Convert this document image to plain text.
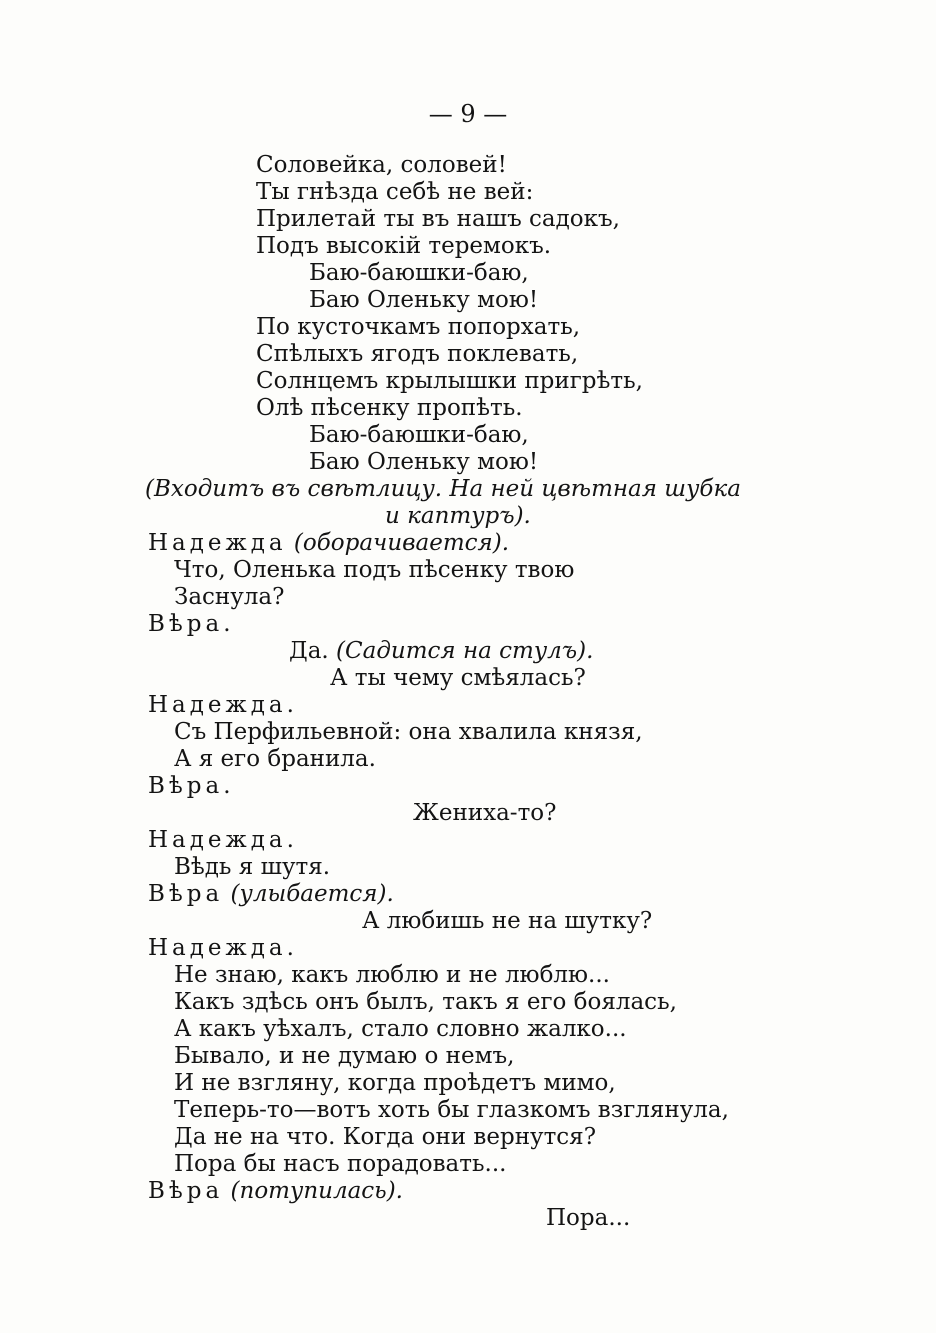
— 9 —
Соловейка, соловей!
Ты гнѣзда себѣ не вей:
Прилетай ты въ нашъ садокъ,
Подъ высокій теремокъ.
Баю-баюшки-баю,
Баю Оленьку мою!
По кусточкамъ попорхать,
Спѣлыхъ ягодъ поклевать,
Солнцемъ крылышки пригрѣть,
Олѣ пѣсенку пропѣть.
Баю-баюшки-баю,
Баю Оленьку мою!
(Входитъ въ свѣтлицу. На ней цвѣтная шубка
и каптуръ).
Надежда (оборачивается).
Что, Оленька подъ пѣсенку твою
Заснула?
Вѣра.
Да. (Садится на стулъ).
А ты чему смѣялась?
Надежда.
Съ Перфильевной: она хвалила князя,
А я его бранила.
Вѣра.
Жениха-то?
Надежда.
Вѣдь я шутя.
Вѣра (улыбается).
А любишь не на шутку?
Надежда.
Не знаю, какъ люблю и не люблю...
Какъ здѣсь онъ былъ, такъ я его боялась,
А какъ уѣхалъ, стало словно жалко...
Бывало, и не думаю о немъ,
И не взгляну, когда проѣдетъ мимо,
Теперь-то—вотъ хоть бы глазкомъ взглянула,
Да не на что. Когда они вернутся?
Пора бы насъ порадовать...
Вѣра (потупилась).
Пора...
